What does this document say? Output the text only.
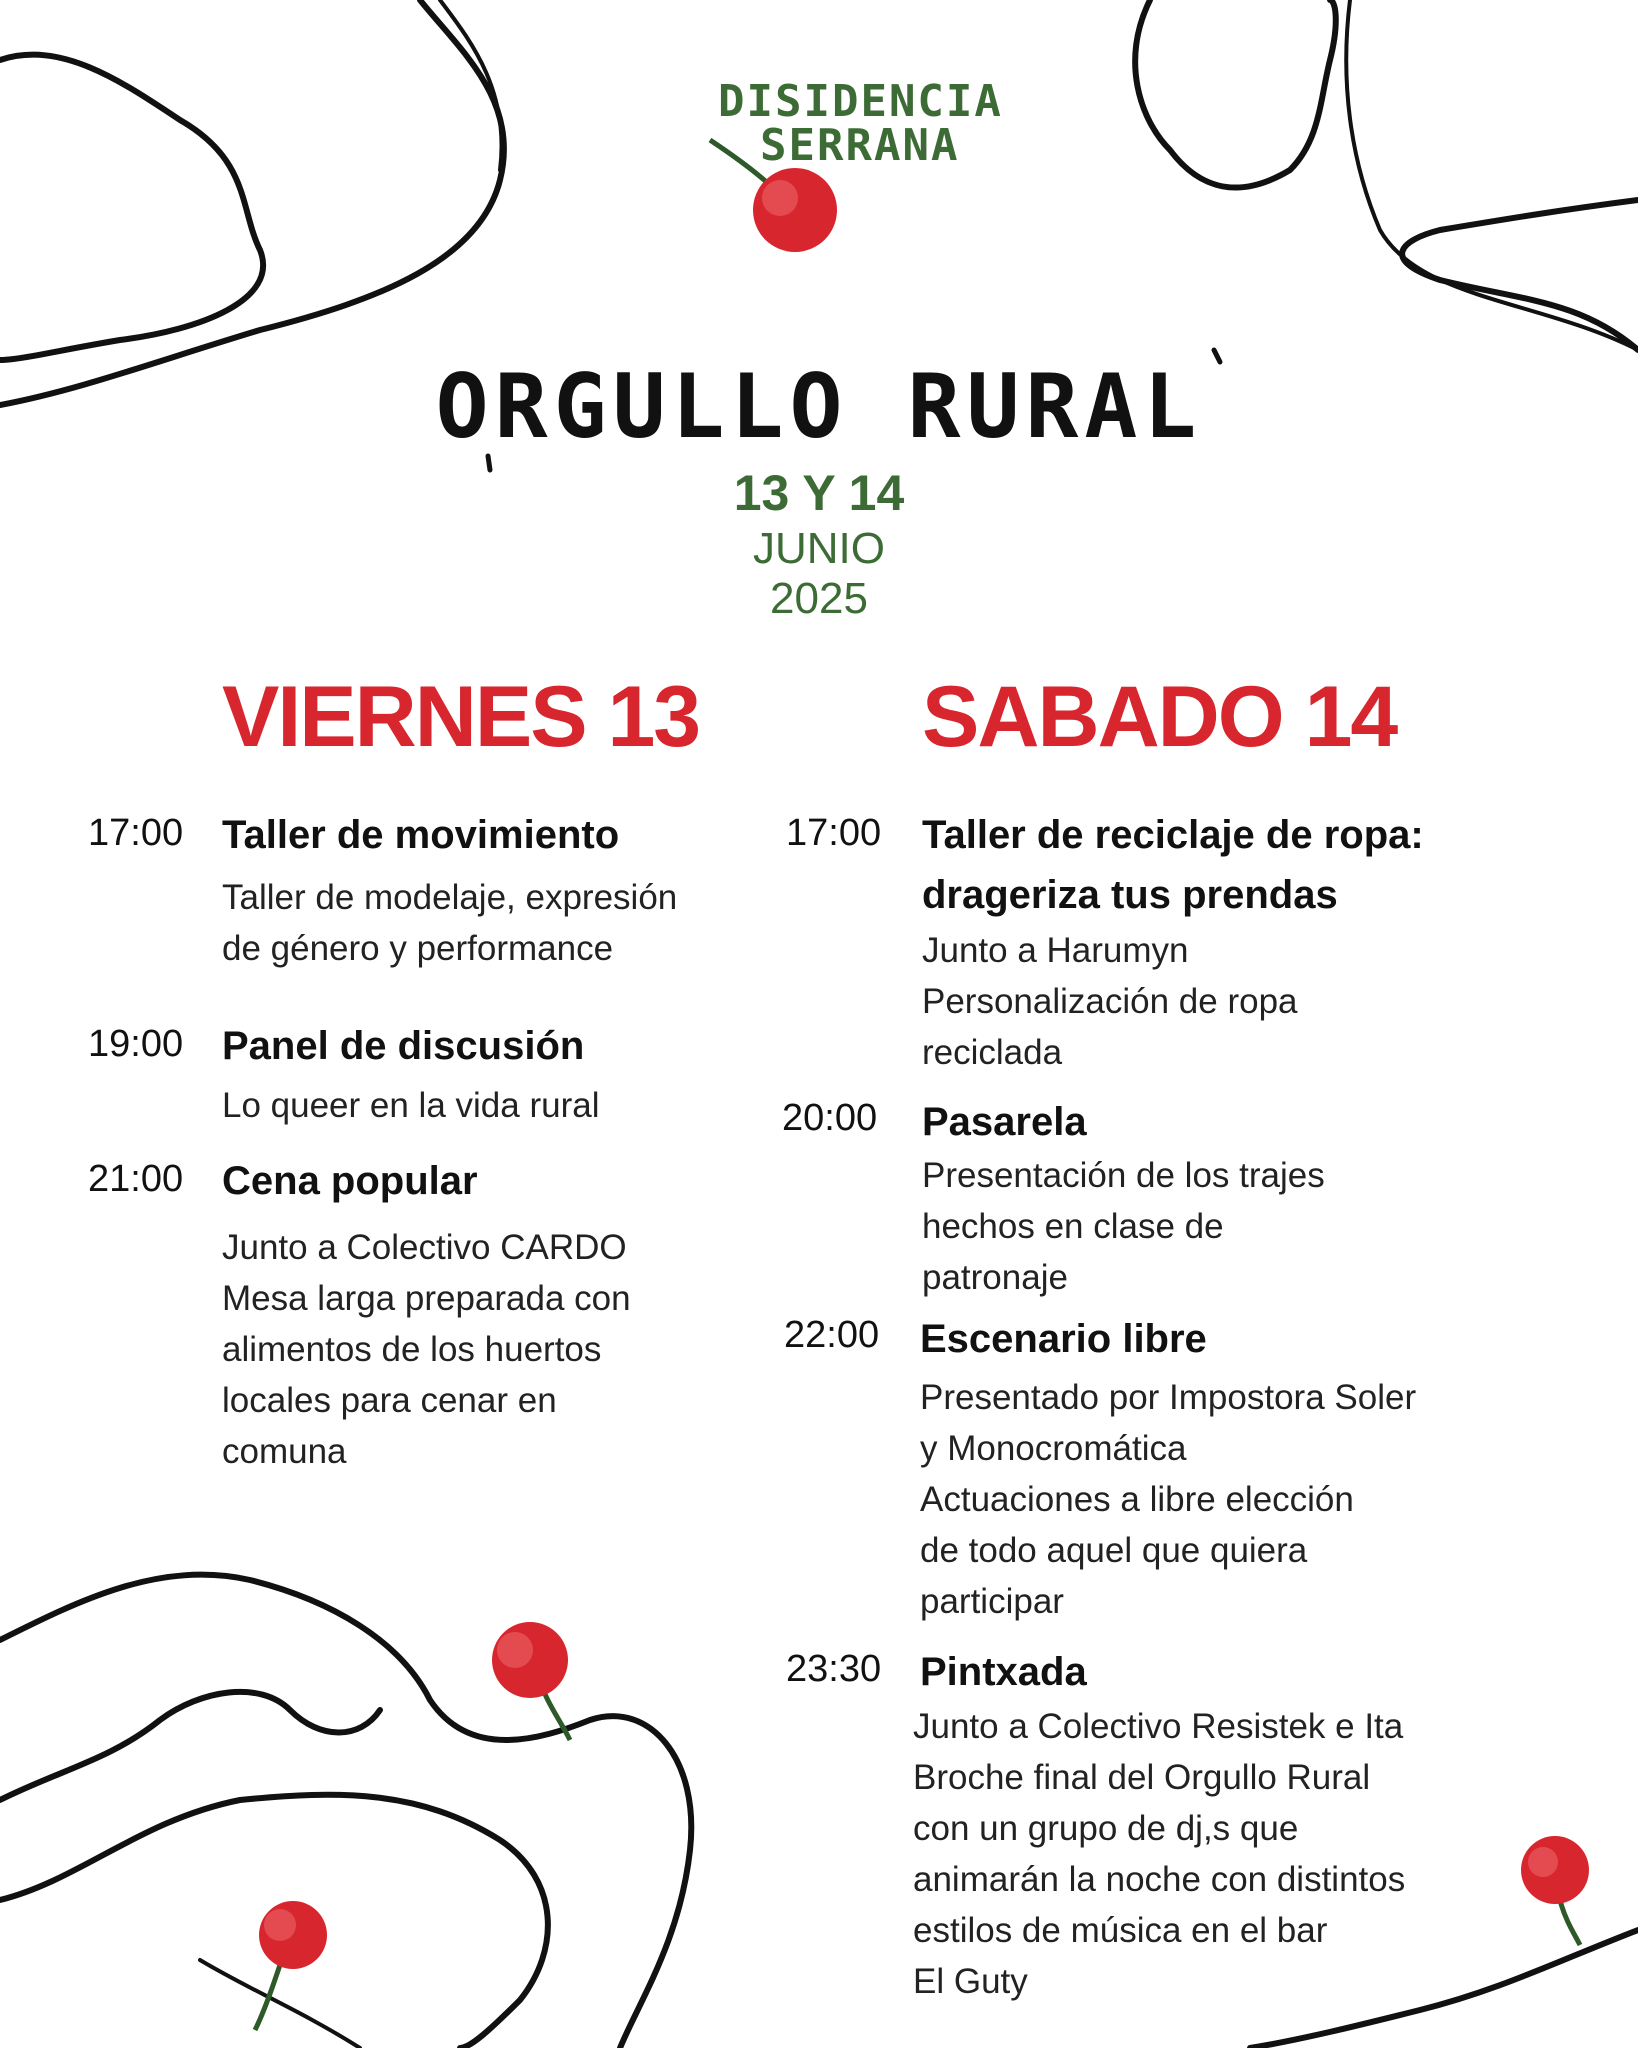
DISIDENCIA
SERRANA
ORGULLO RURAL
13 Y 14
JUNIO
2025
VIERNES 13
17:00 Taller de movimiento
Taller de modelaje, expresión
de género y performance
19:00 Panel de discusión
Lo queer en la vida rural
21:00 Cena popular
Junto a Colectivo CARDO
Mesa larga preparada con
alimentos de los huertos
locales para cenar en
comuna
SABADO 14
17:00 Taller de reciclaje de ropa:
drageriza tus prendas
Junto a Harumyn
Personalización de ropa
reciclada
20:00 Pasarela
Presentación de los trajes
hechos en clase de
patronaje
22:00 Escenario libre
Presentado por Impostora Soler
y Monocromática
Actuaciones a libre elección
de todo aquel que quiera
participar
23:30 Pintxada
Junto a Colectivo Resistek e Ita
Broche final del Orgullo Rural
con un grupo de dj,s que
animarán la noche con distintos
estilos de música en el bar
El Guty
